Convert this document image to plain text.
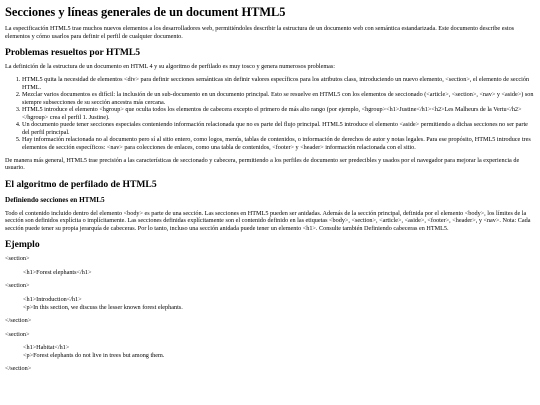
Secciones y líneas generales de un document HTML5

La especificación HTML5 trae muchos nuevos elementos a los desarrolladores web, permitiéndoles describir la estructura de un documento web con semántica estandarizada. Este documento describe estos elementos y cómo usarlos para definir el perfil de cualquier documento.

Problemas resueltos por HTML5

La definición de la estructura de un documento en HTML 4 y su algoritmo de perfilado es muy tosco y genera numerosos problemas:

1. HTML5 quita la necesidad de elementos <div> para definir secciones semánticas sin definir valores específicos para los atributos class, introduciendo un nuevo elemento, <section>, el elemento de sección HTML.
2. Mezclar varios documentos es difícil: la inclusión de un sub-documento en un documento principal. Esto se resuelve en HTML5 con los elementos de seccionado (<article>, <section>, <nav> y <aside>) son siempre subsecciones de su sección ancestra más cercana.
3. HTML5 introduce el elemento <hgroup> que oculta todos los elementos de cabecera excepto el primero de más alto rango (por ejemplo, <hgroup><h1>Justine</h1><h2>Les Malheurs de la Vertu</h2></hgroup> crea el perfil 1. Justine).
4. Un documento puede tener secciones especiales conteniendo información relacionada que no es parte del flujo principal. HTML5 introduce el elemento <aside> permitiendo a dichas secciones no ser parte del perfil principal.
5. Hay información relacionada no al documento pero sí al sitio entero, como logos, menús, tablas de contenidos, o información de derechos de autor y notas legales. Para ese propósito, HTML5 introduce tres elementos de sección específicos: <nav> para colecciones de enlaces, como una tabla de contenidos, <footer> y <header> información relacionada con el sitio.

De manera más general, HTML5 trae precisión a las características de seccionado y cabecera, permitiendo a los perfiles de documento ser predecibles y usados por el navegador para mejorar la experiencia de usuario.

El algoritmo de perfilado de HTML5
Definiendo secciones en HTML5

Todo el contenido incluido dentro del elemento <body> es parte de una sección. Las secciones en HTML5 pueden ser anidadas. Además de la sección principal, definida por el elemento <body>, los límites de la sección son definidos explícita o implícitamente. Las secciones definidas explícitamente son el contenido definido en las etiquetas <body>, <section>, <article>, <aside>, <footer>, <header>, y <nav>. Nota: Cada sección puede tener su propia jerarquía de cabeceras. Por lo tanto, incluso una sección anidada puede tener un elemento <h1>. Consulte también Definiendo cabeceras en HTML5.

Ejemplo
<section>
<h1>Forest elephants</h1>
<section>
<h1>Introduction</h1>
<p>In this section, we discuss the lesser known forest elephants.
</section>
<section>
<h1>Habitat</h1>
<p>Forest elephants do not live in trees but among them.
</section>
